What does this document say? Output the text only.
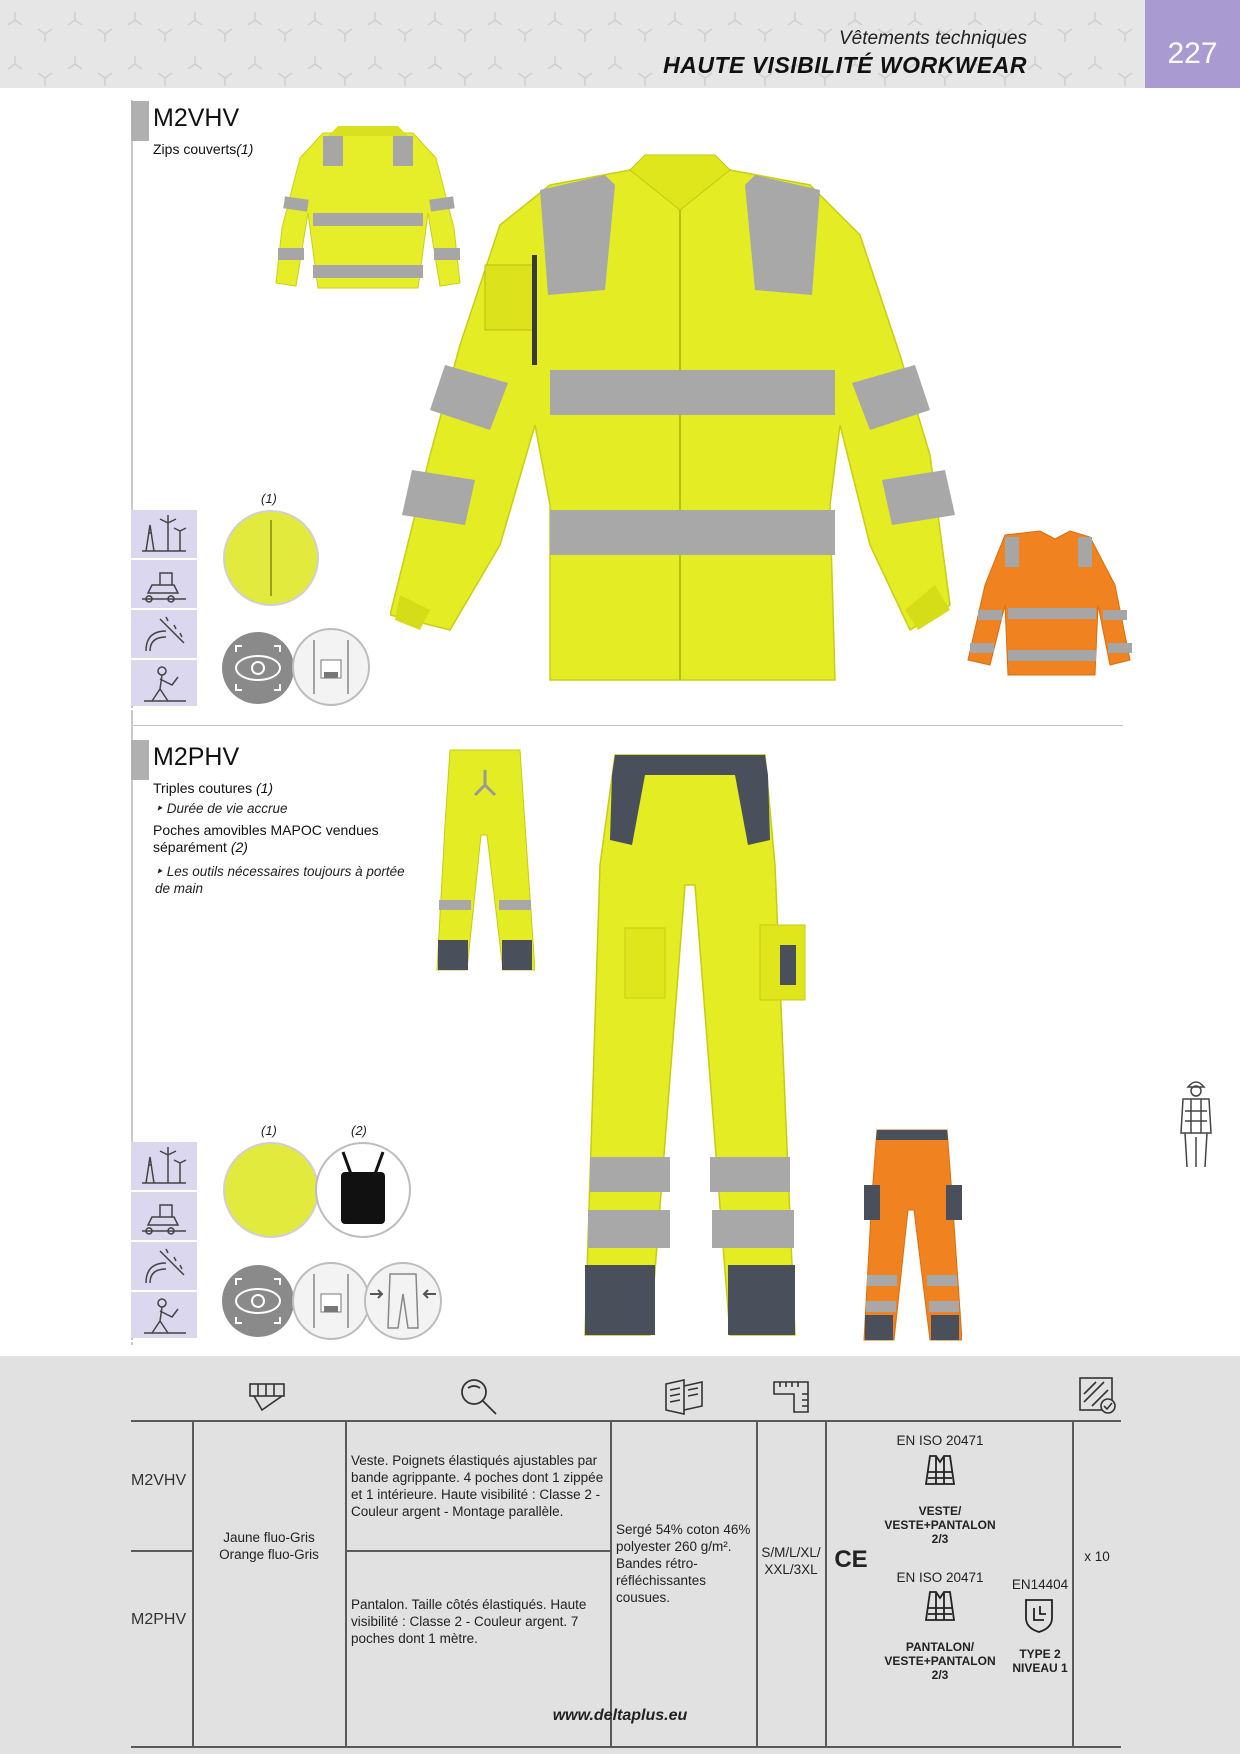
Vêtements techniques
HAUTE VISIBILITÉ WORKWEAR	227
M2VHV
Zips couverts(1)
(1)
M2PHV
Triples coutures (1)
‣ Durée de vie accrue
Poches amovibles MAPOC vendues séparément (2)
‣ Les outils nécessaires toujours à portée de main
(1)	(2)
M2VHV
M2PHV
Jaune fluo-Gris
Orange fluo-Gris
Veste. Poignets élastiqués ajustables par bande agrippante. 4 poches dont 1 zippée et 1 intérieure. Haute visibilité : Classe 2 - Couleur argent - Montage parallèle.
Pantalon. Taille côtés élastiqués. Haute visibilité : Classe 2 - Couleur argent. 7 poches dont 1 mètre.
Sergé 54% coton 46% polyester 260 g/m². Bandes rétro-réfléchissantes cousues.
S/M/L/XL/
XXL/3XL CE
EN ISO 20471
VESTE/
VESTE+PANTALON
2/3
EN ISO 20471
PANTALON/
VESTE+PANTALON
2/3
EN14404
TYPE 2
NIVEAU 1
x 10
www.deltaplus.eu
